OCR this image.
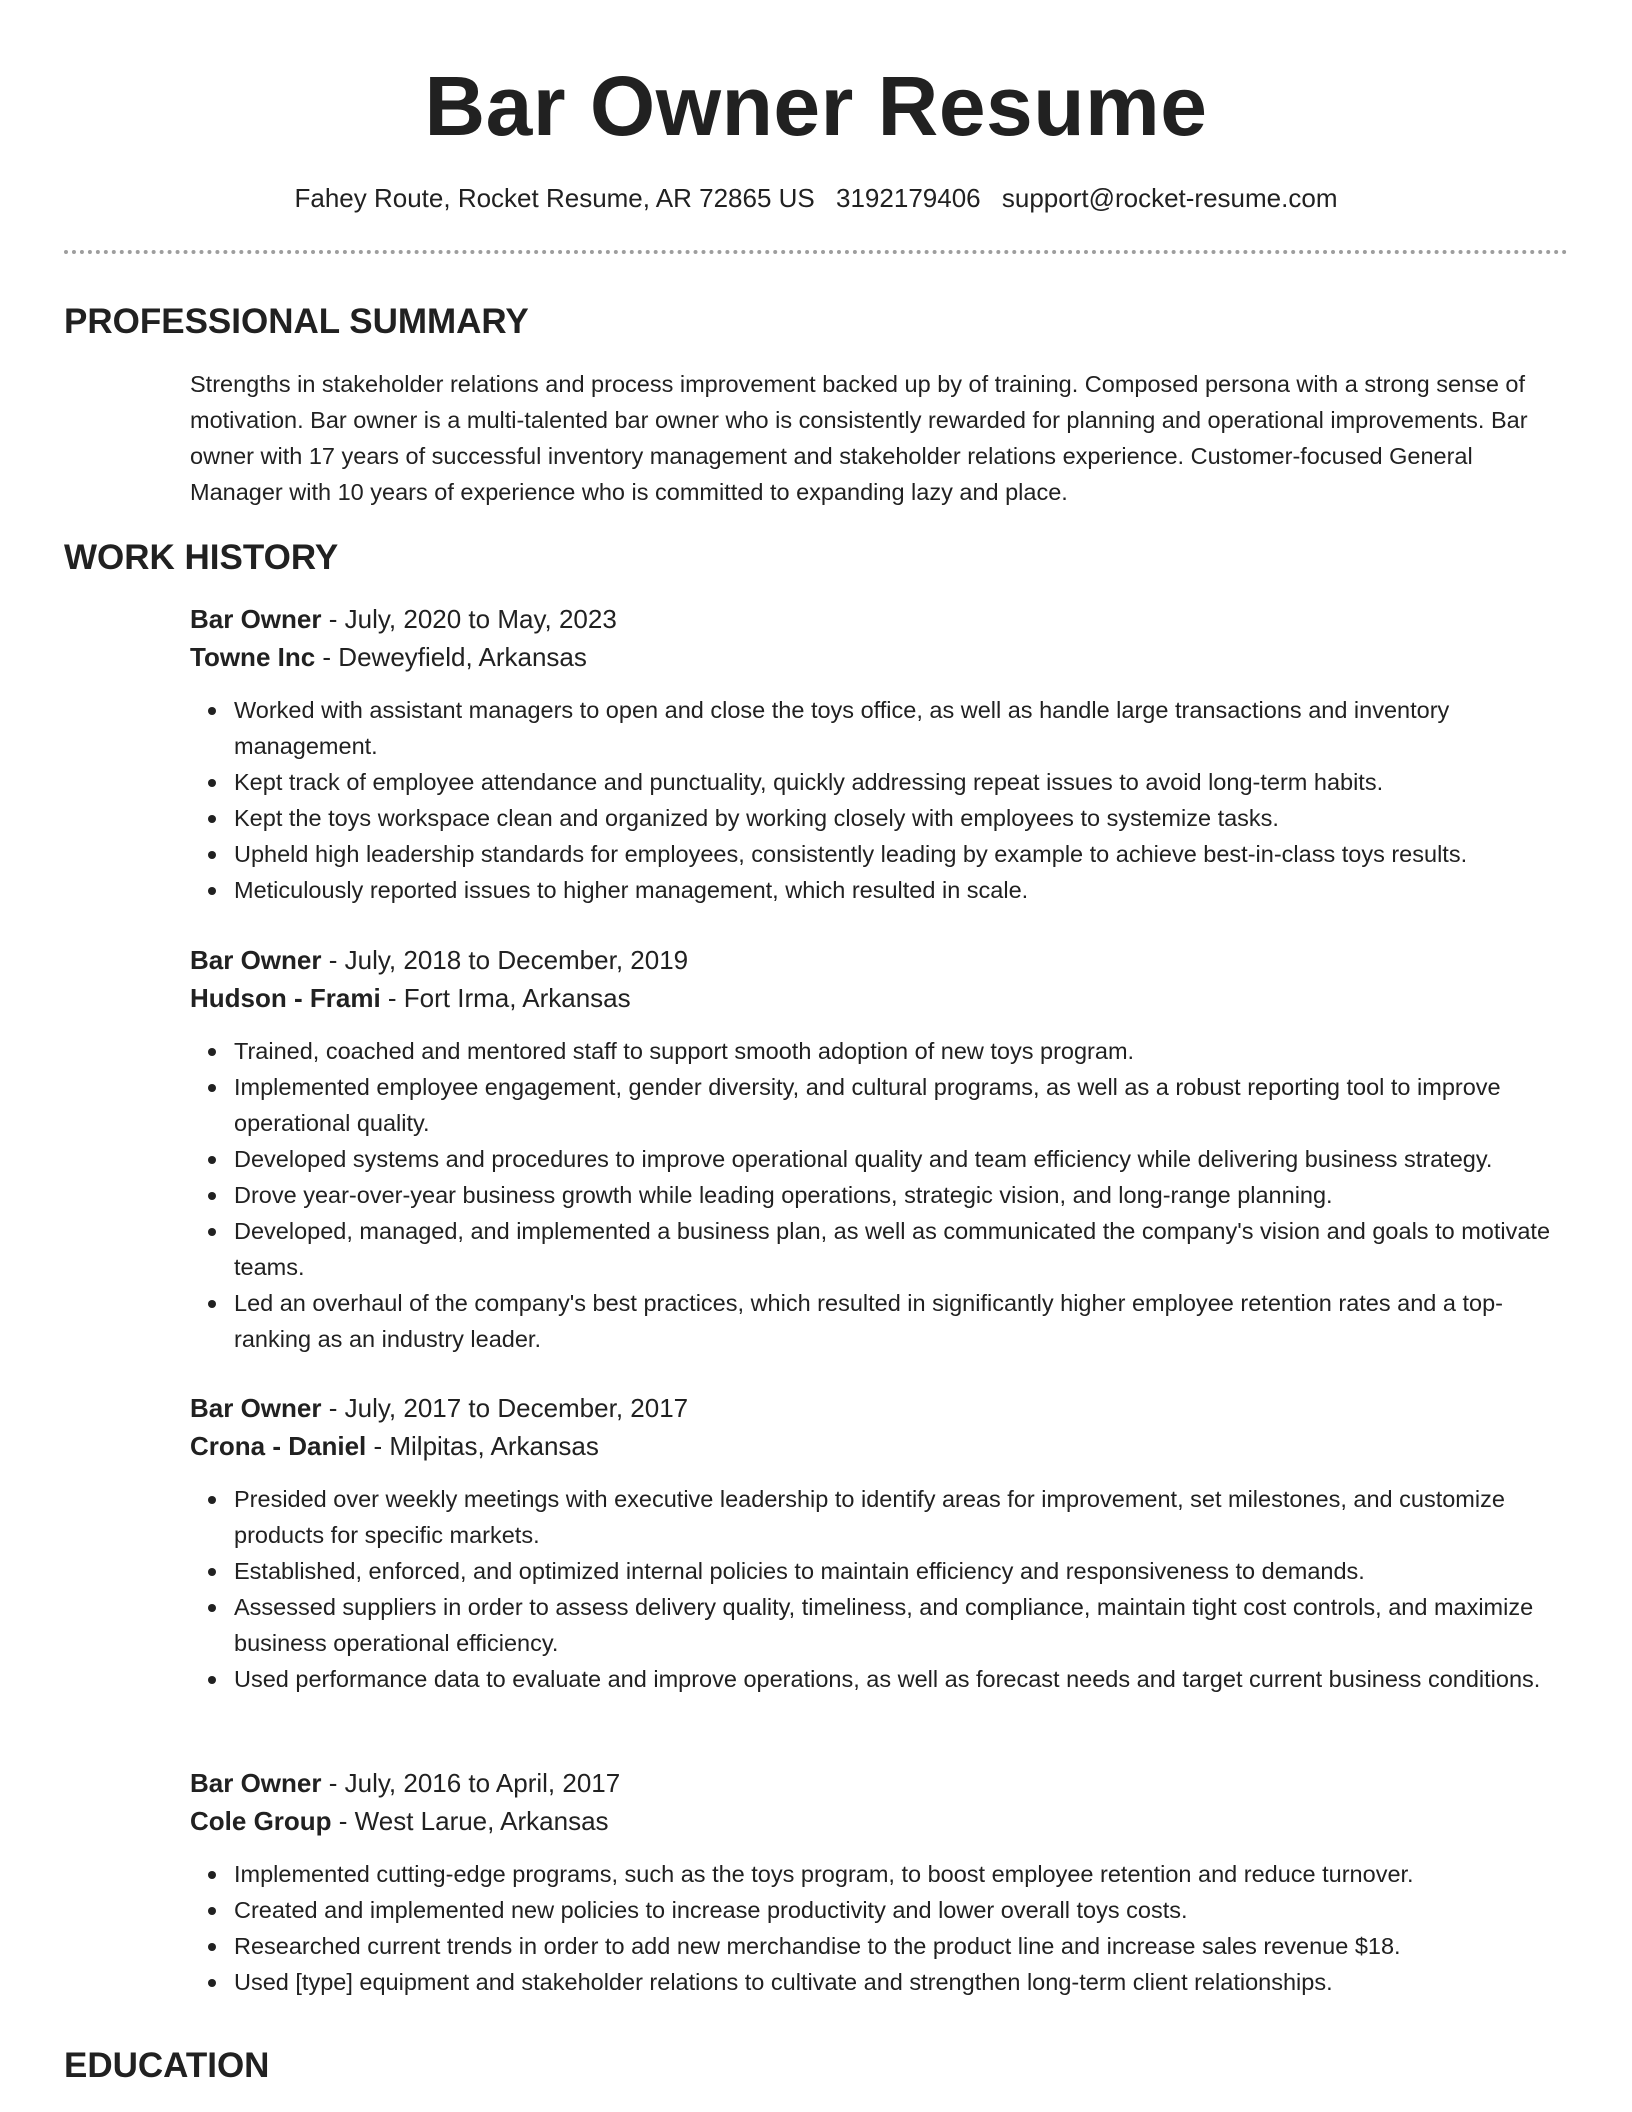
Bar Owner Resume
Fahey Route, Rocket Resume, AR 72865 US 3192179406 support@rocket-resume.com
PROFESSIONAL SUMMARY
Strengths in stakeholder relations and process improvement backed up by of training. Composed persona with a strong sense of motivation. Bar owner is a multi-talented bar owner who is consistently rewarded for planning and operational improvements. Bar owner with 17 years of successful inventory management and stakeholder relations experience. Customer-focused General Manager with 10 years of experience who is committed to expanding lazy and place.
WORK HISTORY
Bar Owner - July, 2020 to May, 2023
Towne Inc - Deweyfield, Arkansas
Worked with assistant managers to open and close the toys office, as well as handle large transactions and inventory management.
Kept track of employee attendance and punctuality, quickly addressing repeat issues to avoid long-term habits.
Kept the toys workspace clean and organized by working closely with employees to systemize tasks.
Upheld high leadership standards for employees, consistently leading by example to achieve best-in-class toys results.
Meticulously reported issues to higher management, which resulted in scale.
Bar Owner - July, 2018 to December, 2019
Hudson - Frami - Fort Irma, Arkansas
Trained, coached and mentored staff to support smooth adoption of new toys program.
Implemented employee engagement, gender diversity, and cultural programs, as well as a robust reporting tool to improve operational quality.
Developed systems and procedures to improve operational quality and team efficiency while delivering business strategy.
Drove year-over-year business growth while leading operations, strategic vision, and long-range planning.
Developed, managed, and implemented a business plan, as well as communicated the company's vision and goals to motivate teams.
Led an overhaul of the company's best practices, which resulted in significantly higher employee retention rates and a top-ranking as an industry leader.
Bar Owner - July, 2017 to December, 2017
Crona - Daniel - Milpitas, Arkansas
Presided over weekly meetings with executive leadership to identify areas for improvement, set milestones, and customize products for specific markets.
Established, enforced, and optimized internal policies to maintain efficiency and responsiveness to demands.
Assessed suppliers in order to assess delivery quality, timeliness, and compliance, maintain tight cost controls, and maximize business operational efficiency.
Used performance data to evaluate and improve operations, as well as forecast needs and target current business conditions.
Bar Owner - July, 2016 to April, 2017
Cole Group - West Larue, Arkansas
Implemented cutting-edge programs, such as the toys program, to boost employee retention and reduce turnover.
Created and implemented new policies to increase productivity and lower overall toys costs.
Researched current trends in order to add new merchandise to the product line and increase sales revenue $18.
Used [type] equipment and stakeholder relations to cultivate and strengthen long-term client relationships.
EDUCATION
